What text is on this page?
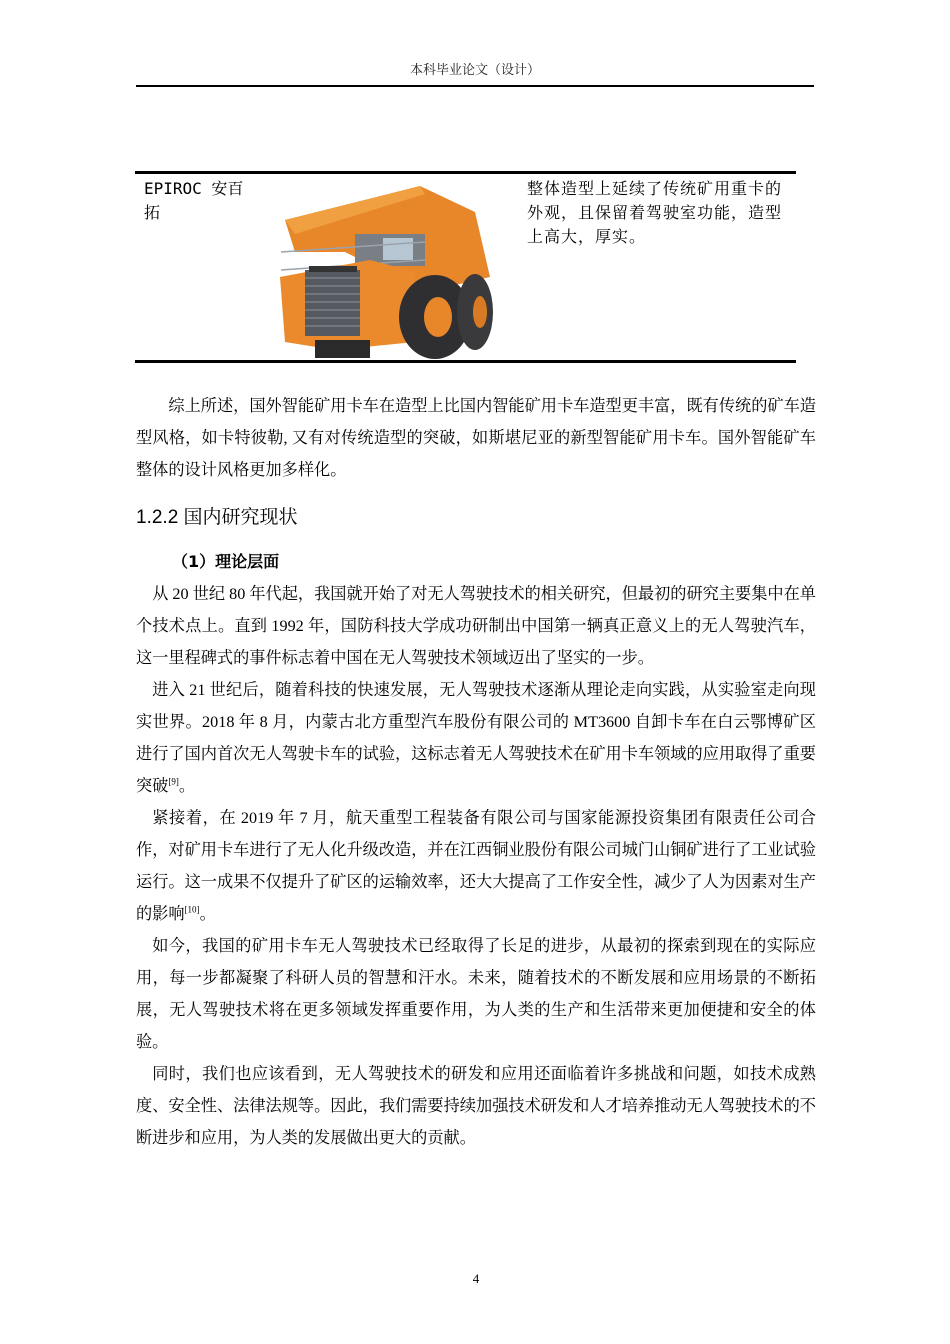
本科毕业论文（设计）
EPIROC 安百拓
整体造型上延续了传统矿用重卡的外观，且保留着驾驶室功能，造型上高大，厚实。

综上所述，国外智能矿用卡车在造型上比国内智能矿用卡车造型更丰富，既有传统的矿车造型风格，如卡特彼勒, 又有对传统造型的突破，如斯堪尼亚的新型智能矿用卡车。国外智能矿车整体的设计风格更加多样化。

1.2.2 国内研究现状
（1）理论层面

从 20 世纪 80 年代起，我国就开始了对无人驾驶技术的相关研究，但最初的研究主要集中在单个技术点上。直到 1992 年，国防科技大学成功研制出中国第一辆真正意义上的无人驾驶汽车，这一里程碑式的事件标志着中国在无人驾驶技术领域迈出了坚实的一步。

进入 21 世纪后，随着科技的快速发展，无人驾驶技术逐渐从理论走向实践，从实验室走向现实世界。2018 年 8 月，内蒙古北方重型汽车股份有限公司的 MT3600 自卸卡车在白云鄂博矿区进行了国内首次无人驾驶卡车的试验，这标志着无人驾驶技术在矿用卡车领域的应用取得了重要突破[9]。

紧接着，在 2019 年 7 月，航天重型工程装备有限公司与国家能源投资集团有限责任公司合作，对矿用卡车进行了无人化升级改造，并在江西铜业股份有限公司城门山铜矿进行了工业试验运行。这一成果不仅提升了矿区的运输效率，还大大提高了工作安全性，减少了人为因素对生产的影响[10]。

如今，我国的矿用卡车无人驾驶技术已经取得了长足的进步，从最初的探索到现在的实际应用，每一步都凝聚了科研人员的智慧和汗水。未来，随着技术的不断发展和应用场景的不断拓展，无人驾驶技术将在更多领域发挥重要作用，为人类的生产和生活带来更加便捷和安全的体验。

同时，我们也应该看到，无人驾驶技术的研发和应用还面临着许多挑战和问题，如技术成熟度、安全性、法律法规等。因此，我们需要持续加强技术研发和人才培养推动无人驾驶技术的不断进步和应用，为人类的发展做出更大的贡献。

4
